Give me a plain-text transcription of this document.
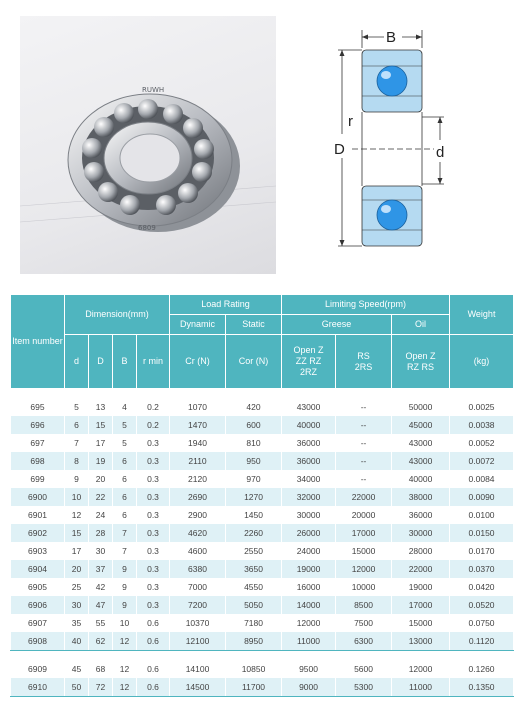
RUWH
6809
B
r
D	d
Item number	Dimension(mm)				Load Rating		Limiting Speed(rpm)			Weight
					Dynamic	Static	Greese		Oil	
	d	D	B	r min	Cr (N)	Cor (N)	Open Z ZZ RZ 2RZ	RS 2RS	Open Z RZ RS	(kg)

695	5	13	4	0.2	1070	420	43000	--	50000	0.0025
696	6	15	5	0.2	1470	600	40000	--	45000	0.0038
697	7	17	5	0.3	1940	810	36000	--	43000	0.0052
698	8	19	6	0.3	2110	950	36000	--	43000	0.0072
699	9	20	6	0.3	2120	970	34000	--	40000	0.0084
6900	10	22	6	0.3	2690	1270	32000	22000	38000	0.0090
6901	12	24	6	0.3	2900	1450	30000	20000	36000	0.0100
6902	15	28	7	0.3	4620	2260	26000	17000	30000	0.0150
6903	17	30	7	0.3	4600	2550	24000	15000	28000	0.0170
6904	20	37	9	0.3	6380	3650	19000	12000	22000	0.0370
6905	25	42	9	0.3	7000	4550	16000	10000	19000	0.0420
6906	30	47	9	0.3	7200	5050	14000	8500	17000	0.0520
6907	35	55	10	0.6	10370	7180	12000	7500	15000	0.0750
6908	40	62	12	0.6	12100	8950	11000	6300	13000	0.1120

6909	45	68	12	0.6	14100	10850	9500	5600	12000	0.1260
6910	50	72	12	0.6	14500	11700	9000	5300	11000	0.1350
